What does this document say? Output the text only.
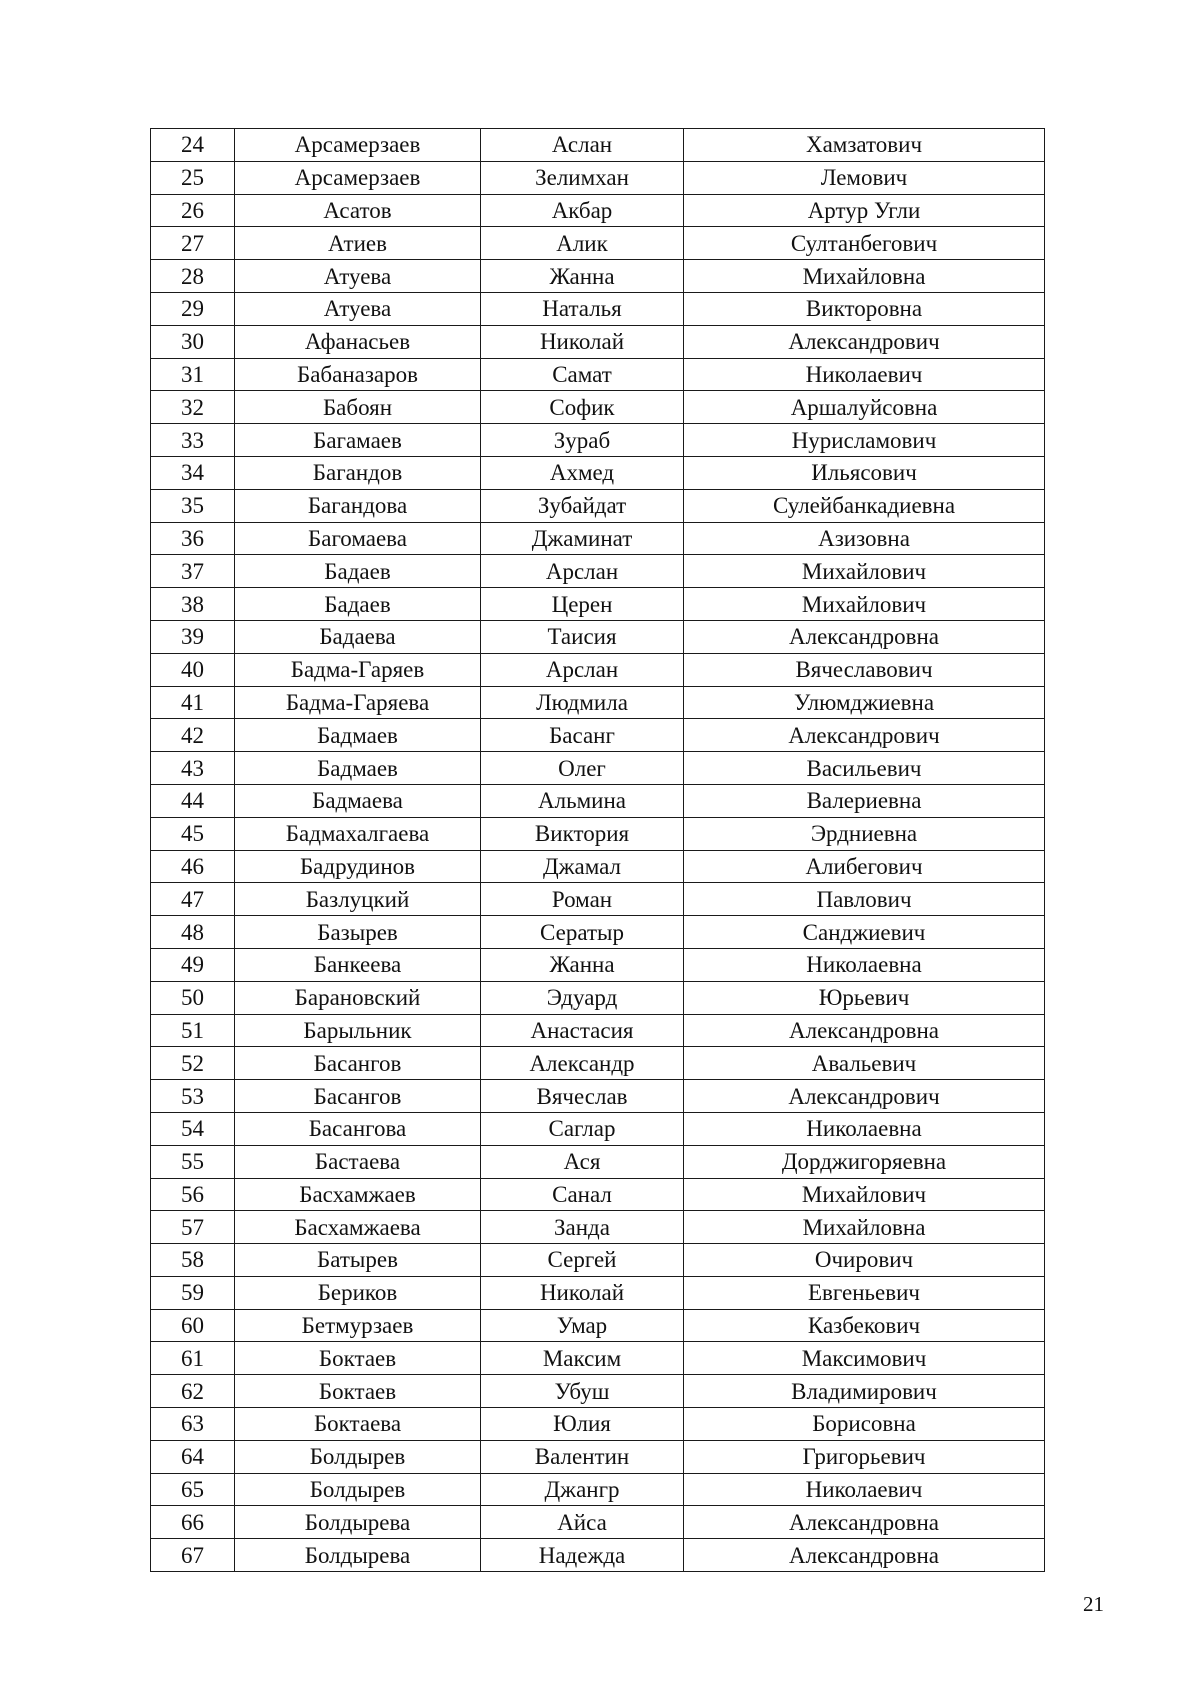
24	Арсамерзаев	Аслан	Хамзатович
25	Арсамерзаев	Зелимхан	Лемович
26	Асатов	Акбар	Артур Угли
27	Атиев	Алик	Султанбегович
28	Атуева	Жанна	Михайловна
29	Атуева	Наталья	Викторовна
30	Афанасьев	Николай	Александрович
31	Бабаназаров	Самат	Николаевич
32	Бабоян	Софик	Аршалуйсовна
33	Багамаев	Зураб	Нурисламович
34	Багандов	Ахмед	Ильясович
35	Багандова	Зубайдат	Сулейбанкадиевна
36	Багомаева	Джаминат	Азизовна
37	Бадаев	Арслан	Михайлович
38	Бадаев	Церен	Михайлович
39	Бадаева	Таисия	Александровна
40	Бадма-Гаряев	Арслан	Вячеславович
41	Бадма-Гаряева	Людмила	Улюмджиевна
42	Бадмаев	Басанг	Александрович
43	Бадмаев	Олег	Васильевич
44	Бадмаева	Альмина	Валериевна
45	Бадмахалгаева	Виктория	Эрдниевна
46	Бадрудинов	Джамал	Алибегович
47	Базлуцкий	Роман	Павлович
48	Базырев	Сератыр	Санджиевич
49	Банкеева	Жанна	Николаевна
50	Барановский	Эдуард	Юрьевич
51	Барыльник	Анастасия	Александровна
52	Басангов	Александр	Авальевич
53	Басангов	Вячеслав	Александрович
54	Басангова	Саглар	Николаевна
55	Бастаева	Ася	Дорджигоряевна
56	Басхамжаев	Санал	Михайлович
57	Басхамжаева	Занда	Михайловна
58	Батырев	Сергей	Очирович
59	Бериков	Николай	Евгеньевич
60	Бетмурзаев	Умар	Казбекович
61	Боктаев	Максим	Максимович
62	Боктаев	Убуш	Владимирович
63	Боктаева	Юлия	Борисовна
64	Болдырев	Валентин	Григорьевич
65	Болдырев	Джангр	Николаевич
66	Болдырева	Айса	Александровна
67	Болдырева	Надежда	Александровна
21
